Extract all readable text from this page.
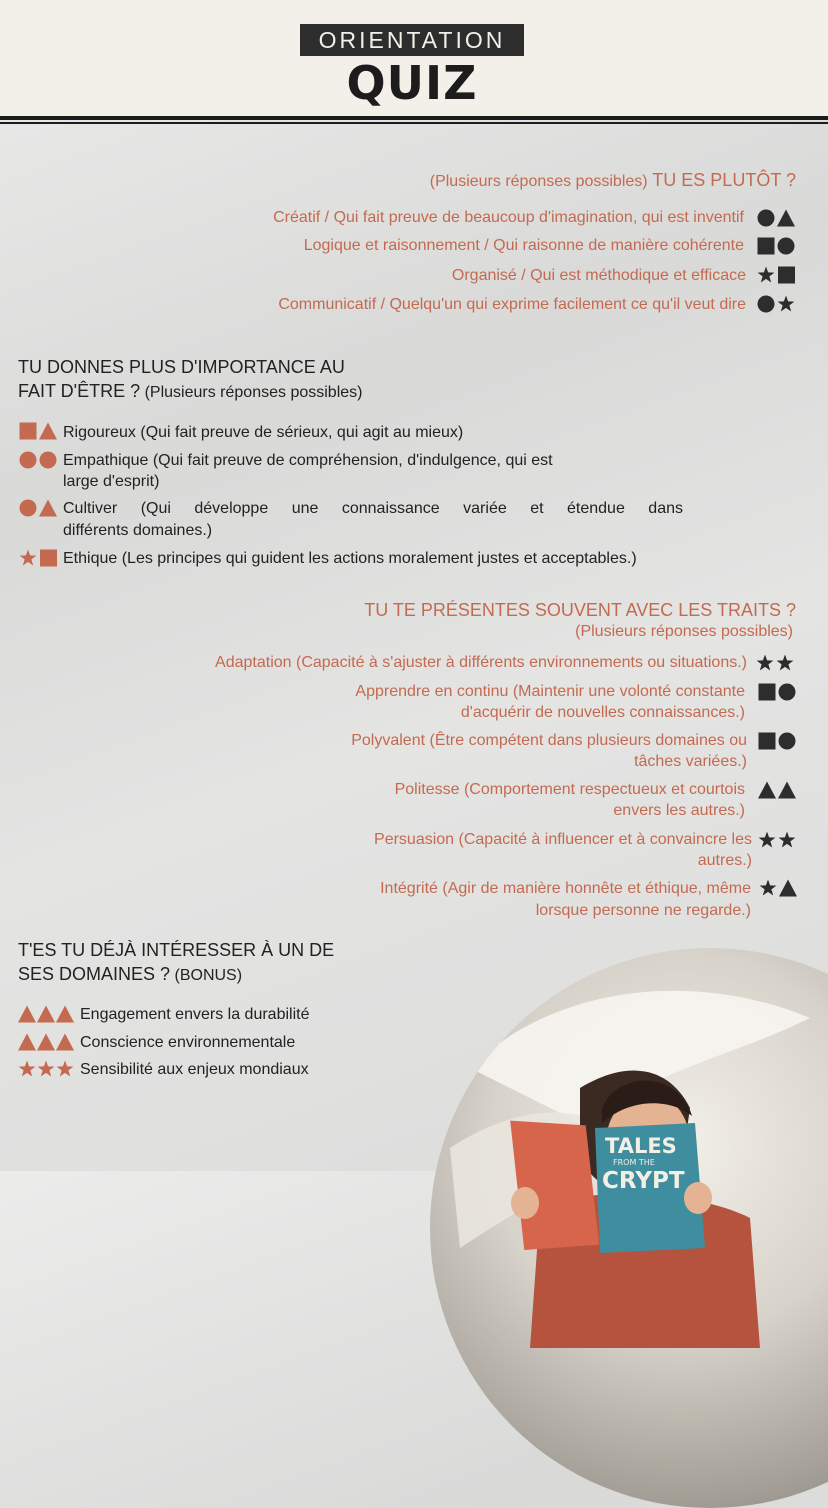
ORIENTATION
QUIZ
(Plusieurs réponses possibles) TU ES PLUTÔT ?
Créatif / Qui fait preuve de beaucoup d'imagination, qui est inventif
Logique et raisonnement / Qui raisonne de manière cohérente
Organisé / Qui est méthodique et efficace
Communicatif / Quelqu'un qui exprime facilement ce qu'il veut dire
TU DONNES PLUS D'IMPORTANCE AU
FAIT D'ÊTRE ? (Plusieurs réponses possibles)
Rigoureux (Qui fait preuve de sérieux, qui agit au mieux)
Empathique (Qui fait preuve de compréhension, d'indulgence, qui est
large d'esprit)
Cultiver (Qui développe une connaissance variée et étendue dans
différents domaines.)
Ethique (Les principes qui guident les actions moralement justes et acceptables.)
TU TE PRÉSENTES SOUVENT AVEC LES TRAITS ?
(Plusieurs réponses possibles)
Adaptation (Capacité à s'ajuster à différents environnements ou situations.)
Apprendre en continu (Maintenir une volonté constante
d'acquérir de nouvelles connaissances.)
Polyvalent (Être compétent dans plusieurs domaines ou
tâches variées.)
Politesse (Comportement respectueux et courtois
envers les autres.)
Persuasion (Capacité à influencer et à convaincre les
autres.)
Intégrité (Agir de manière honnête et éthique, même
lorsque personne ne regarde.)
TALES
FROM THE
CRYPT
T'ES TU DÉJÀ INTÉRESSER À UN DE
SES DOMAINES ? (BONUS)
Engagement envers la durabilité
Conscience environnementale
Sensibilité aux enjeux mondiaux
